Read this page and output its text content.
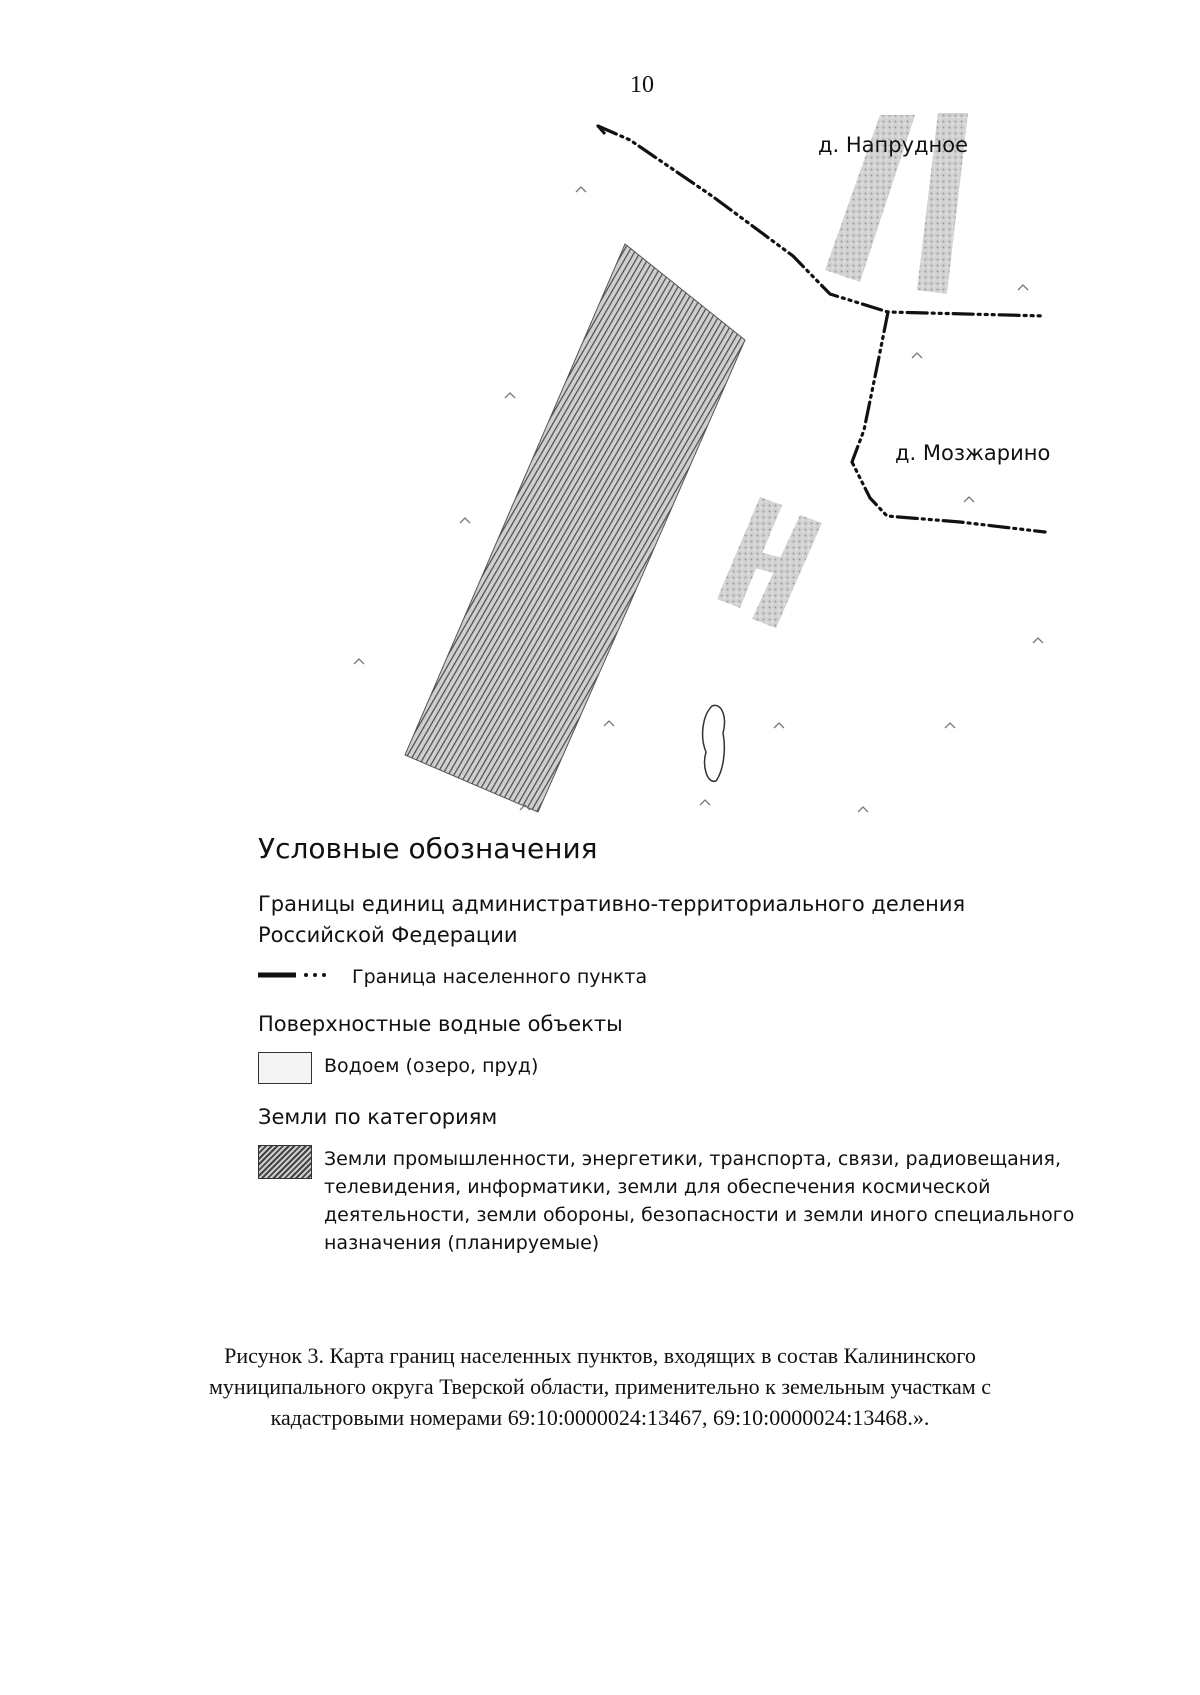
10
д. Напрудное
д. Мозжарино
Условные обозначения
Границы единиц административно-территориального деления Российской Федерации
Граница населенного пункта
Поверхностные водные объекты
Водоем (озеро, пруд)
Земли по категориям
Земли промышленности, энергетики, транспорта, связи, радиовещания, телевидения, информатики, земли для обеспечения космической деятельности, земли обороны, безопасности и земли иного специального назначения (планируемые)
Рисунок 3. Карта границ населенных пунктов, входящих в состав Калининского муниципального округа Тверской области, применительно к земельным участкам с кадастровыми номерами 69:10:0000024:13467, 69:10:0000024:13468.».
